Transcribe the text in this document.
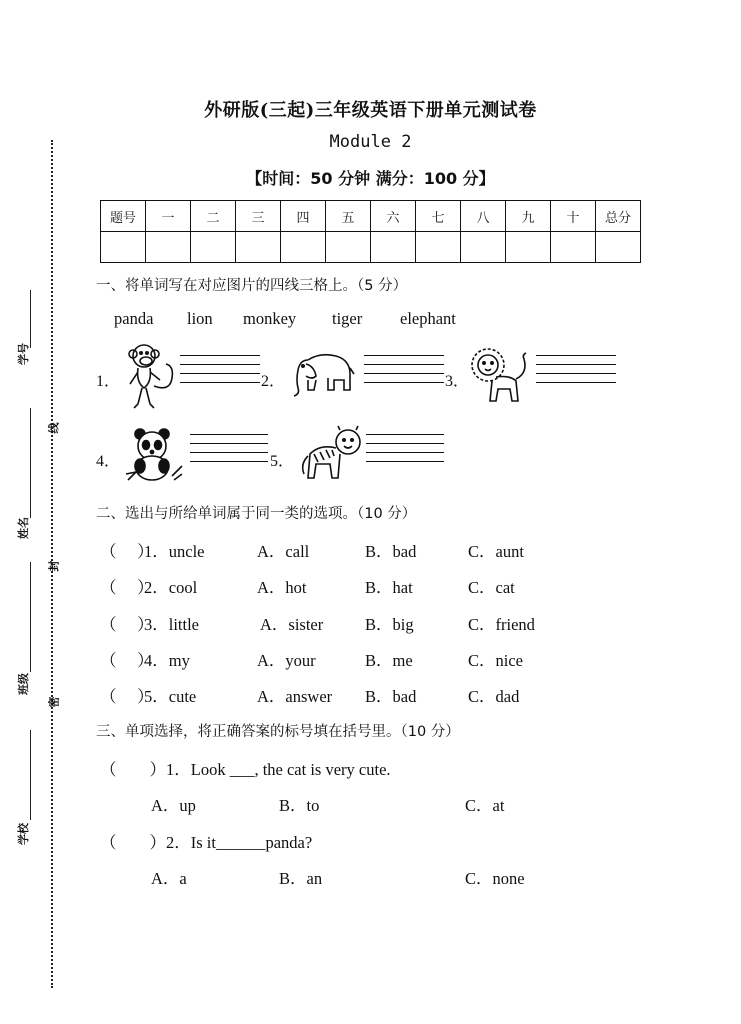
学号
姓名
班级
学校
线
封
密
外研版(三起)三年级英语下册单元测试卷
Module 2
【时间：50 分钟 满分：100 分】
题号	一	二	三	四	五	六	七	八	九	十	总分

一、将单词写在对应图片的四线三格上。（5 分）
panda lion monkey tiger elephant
1．	2．	3．
4．	5．
二、选出与所给单词属于同一类的选项。（10 分）
（　 ）
1．uncle	A．call	B．bad	C．aunt
（　 ）
2．cool	A．hot	B．hat	C．cat
（　 ）
3．little	A．sister	B．big	C．friend
（　 ）
4．my	A．your	B．me	C．nice
（　 ）
5．cute	A．answer B．bad	C．dad
三、单项选择，将正确答案的标号填在括号里。（10 分）
（　　） 1．Look ___, the cat is very cute.
A．up	B．to	C．at
（　　） 2．Is it______panda?
A．a	B．an	C．none
